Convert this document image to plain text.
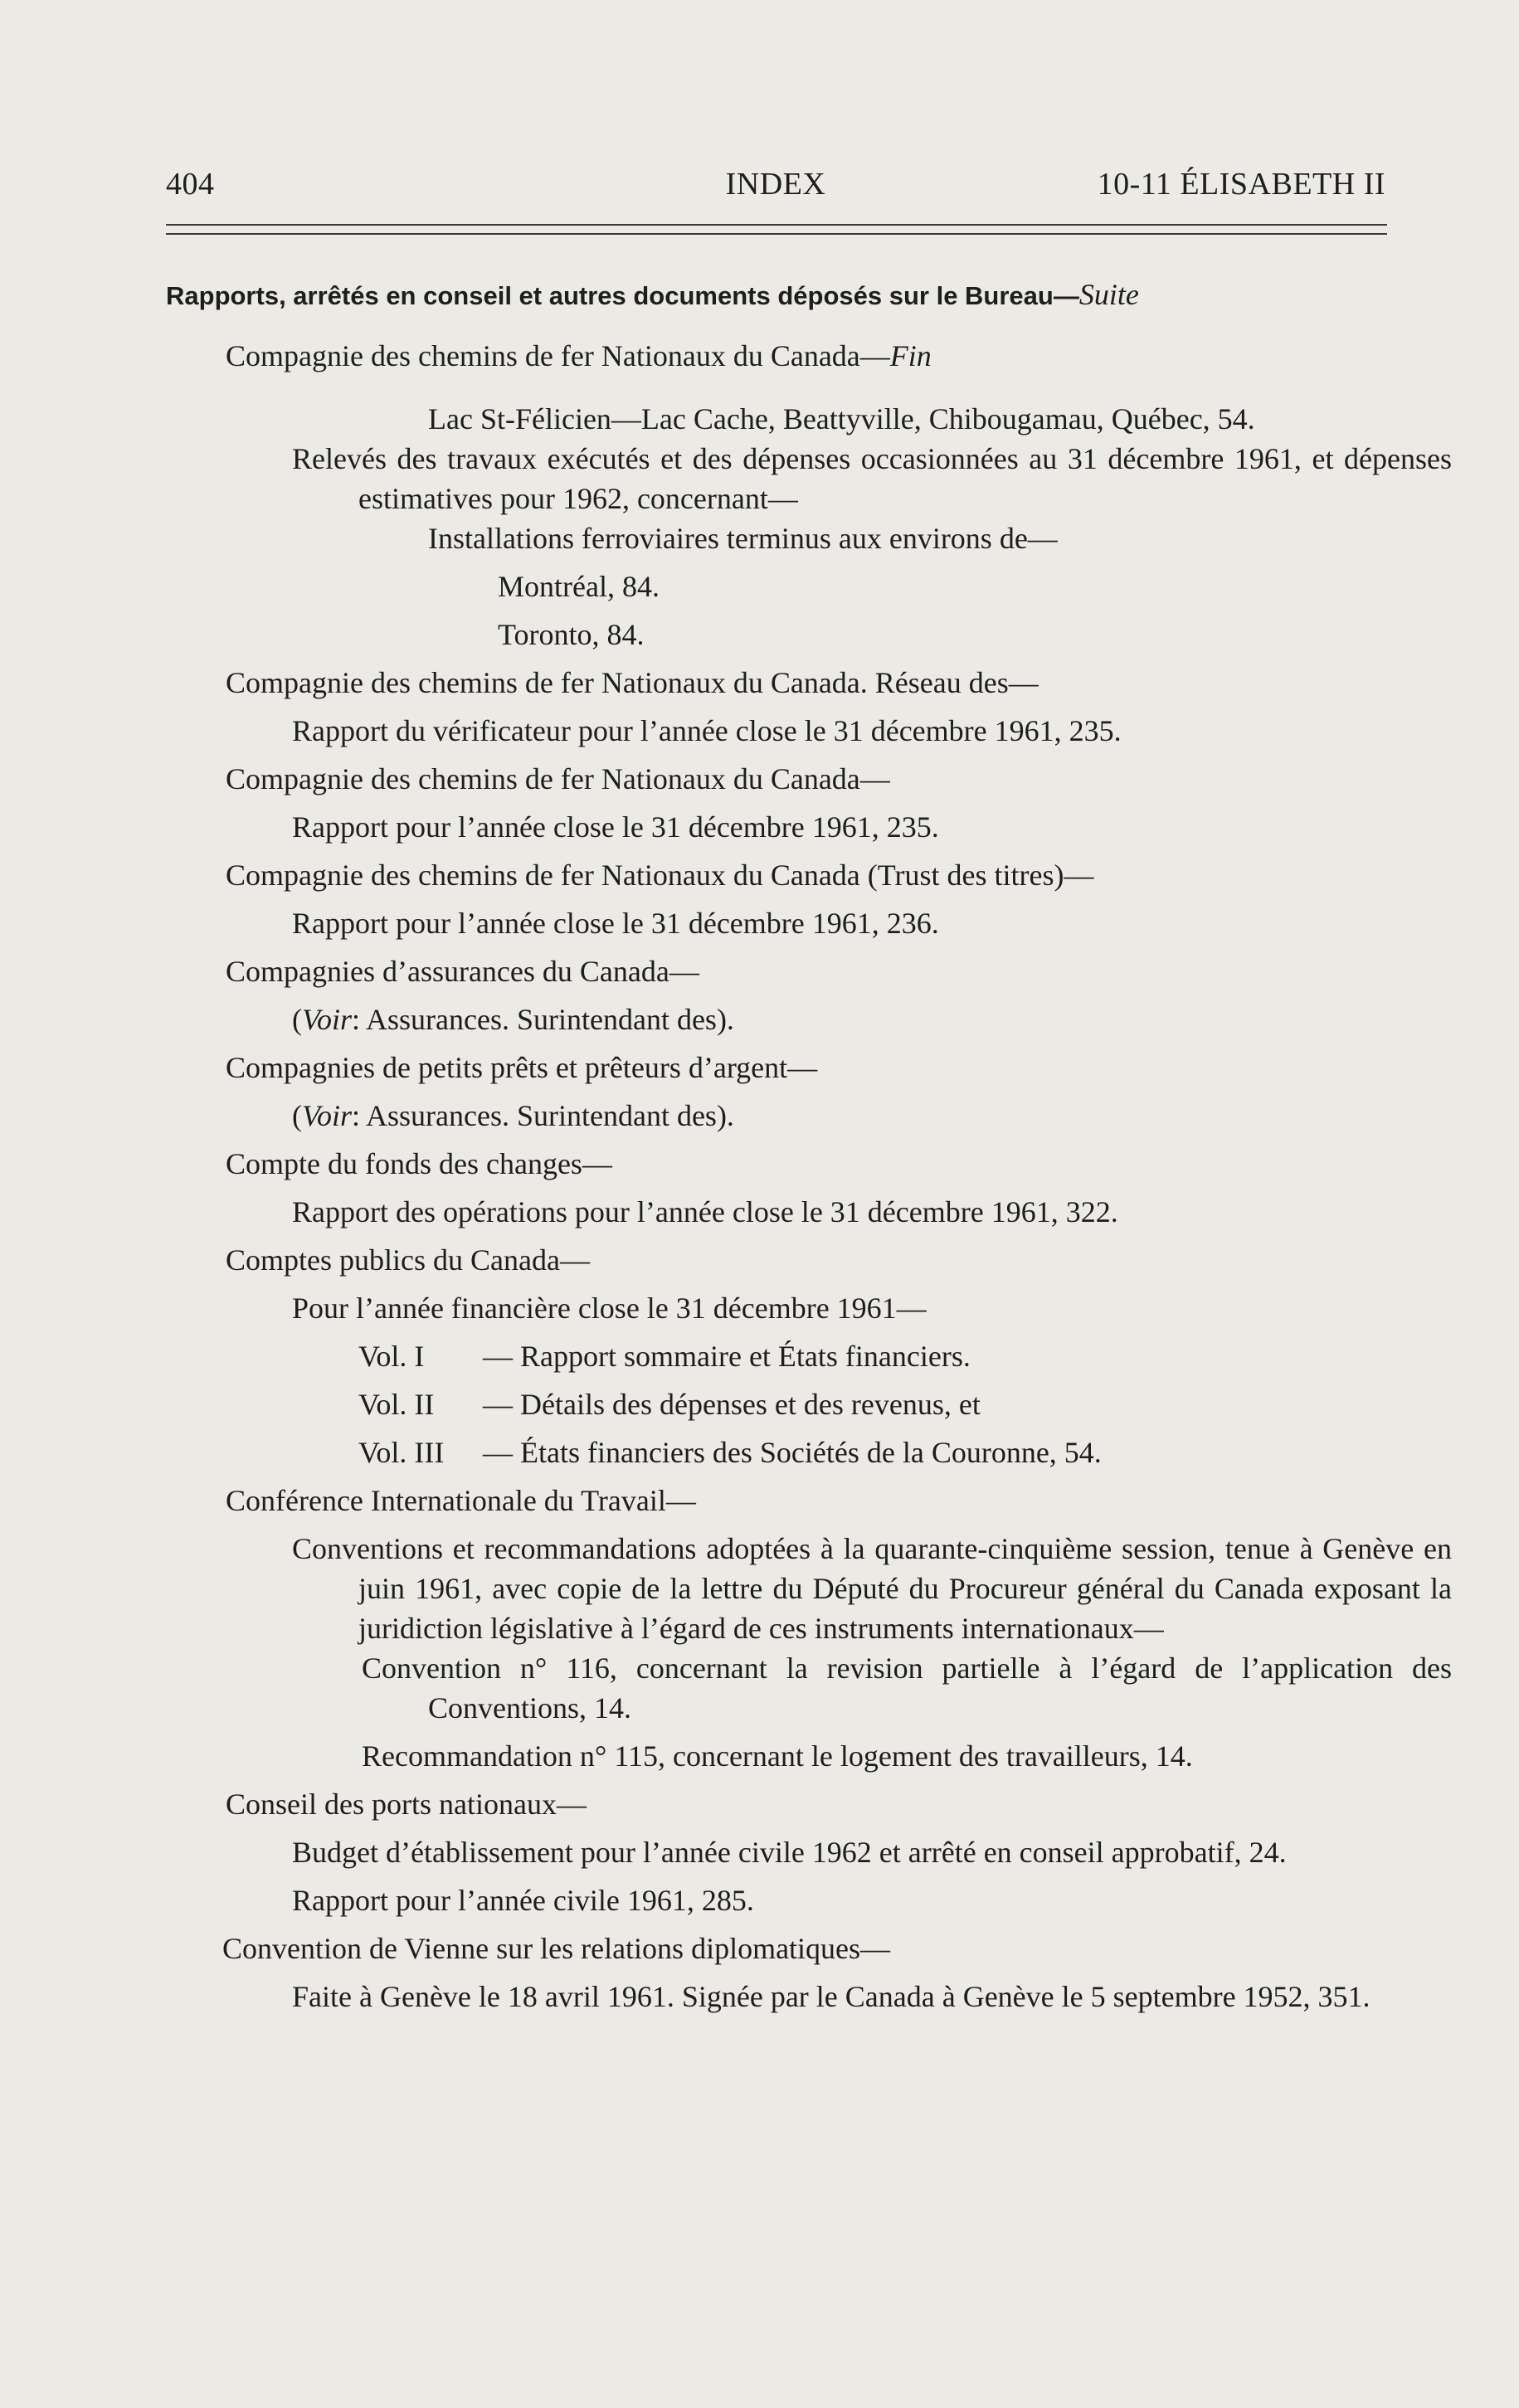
404	INDEX	10-11 ÉLISABETH II
Rapports, arrêtés en conseil et autres documents déposés sur le Bureau—Suite

Compagnie des chemins de fer Nationaux du Canada—Fin

Lac St-Félicien—Lac Cache, Beattyville, Chibougamau, Québec, 54.

Relevés des travaux exécutés et des dépenses occasionnées au 31 décembre 1961, et dépenses estimatives pour 1962, concernant—

Installations ferroviaires terminus aux environs de—

Montréal, 84.

Toronto, 84.

Compagnie des chemins de fer Nationaux du Canada. Réseau des—

Rapport du vérificateur pour l’année close le 31 décembre 1961, 235.

Compagnie des chemins de fer Nationaux du Canada—

Rapport pour l’année close le 31 décembre 1961, 235.

Compagnie des chemins de fer Nationaux du Canada (Trust des titres)—

Rapport pour l’année close le 31 décembre 1961, 236.

Compagnies d’assurances du Canada—

(Voir: Assurances. Surintendant des).

Compagnies de petits prêts et prêteurs d’argent—

(Voir: Assurances. Surintendant des).

Compte du fonds des changes—

Rapport des opérations pour l’année close le 31 décembre 1961, 322.

Comptes publics du Canada—

Pour l’année financière close le 31 décembre 1961—

Vol. I — Rapport sommaire et États financiers.

Vol. II — Détails des dépenses et des revenus, et

Vol. III — États financiers des Sociétés de la Couronne, 54.

Conférence Internationale du Travail—

Conventions et recommandations adoptées à la quarante-cinquième session, tenue à Genève en juin 1961, avec copie de la lettre du Député du Procureur général du Canada exposant la juridiction législative à l’égard de ces instruments internationaux—

Convention n° 116, concernant la revision partielle à l’égard de l’application des Conventions, 14.

Recommandation n° 115, concernant le logement des travailleurs, 14.

Conseil des ports nationaux—

Budget d’établissement pour l’année civile 1962 et arrêté en conseil approbatif, 24.

Rapport pour l’année civile 1961, 285.

Convention de Vienne sur les relations diplomatiques—

Faite à Genève le 18 avril 1961. Signée par le Canada à Genève le 5 septembre 1952, 351.
